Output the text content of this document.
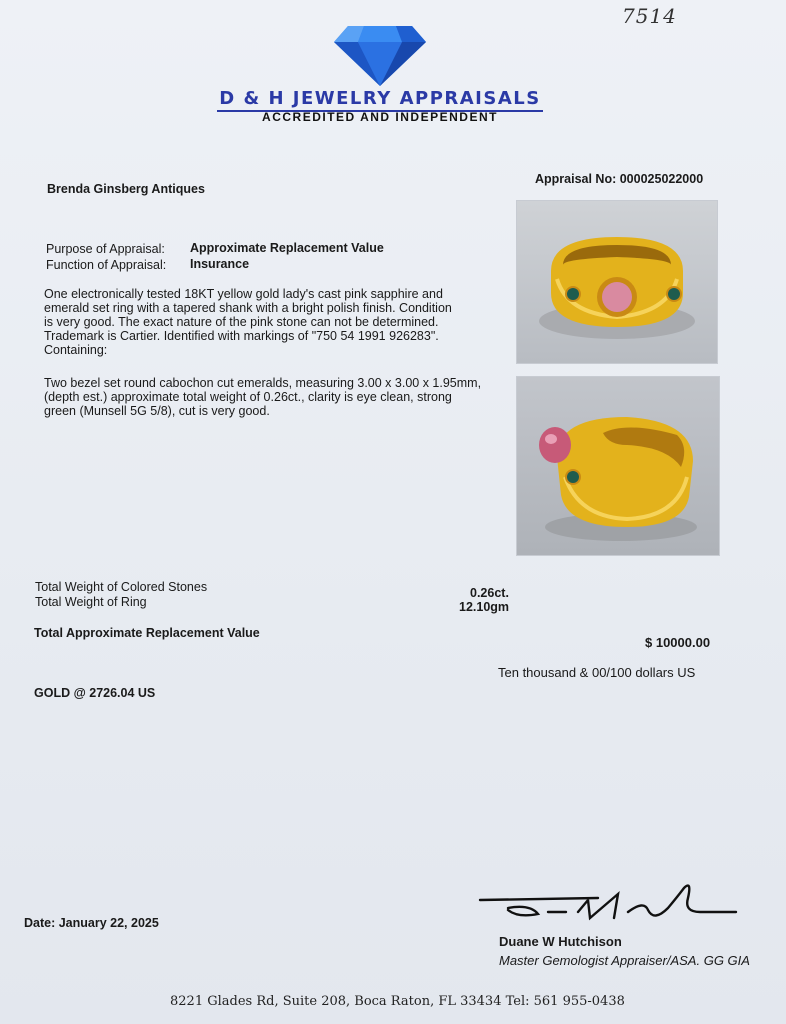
7514
D & H JEWELRY APPRAISALS
ACCREDITED AND INDEPENDENT
Brenda Ginsberg Antiques
Appraisal No: 000025022000
Purpose of Appraisal: Approximate Replacement Value
Function of Appraisal: Insurance
One electronically tested 18KT yellow gold lady's cast pink sapphire and
emerald set ring with a tapered shank with a bright polish finish. Condition
is very good. The exact nature of the pink stone can not be determined.
Trademark is Cartier. Identified with markings of "750 54 1991 926283".
Containing:
Two bezel set round cabochon cut emeralds, measuring 3.00 x 3.00 x 1.95mm,
(depth est.) approximate total weight of 0.26ct., clarity is eye clean, strong
green (Munsell 5G 5/8), cut is very good.
Total Weight of Colored Stones	0.26ct.
Total Weight of Ring	12.10gm
Total Approximate Replacement Value
$ 10000.00
Ten thousand & 00/100 dollars US
GOLD @ 2726.04 US
Date: January 22, 2025
Duane W Hutchison
Master Gemologist Appraiser/ASA. GG GIA
8221 Glades Rd, Suite 208, Boca Raton, FL 33434 Tel: 561 955-0438
